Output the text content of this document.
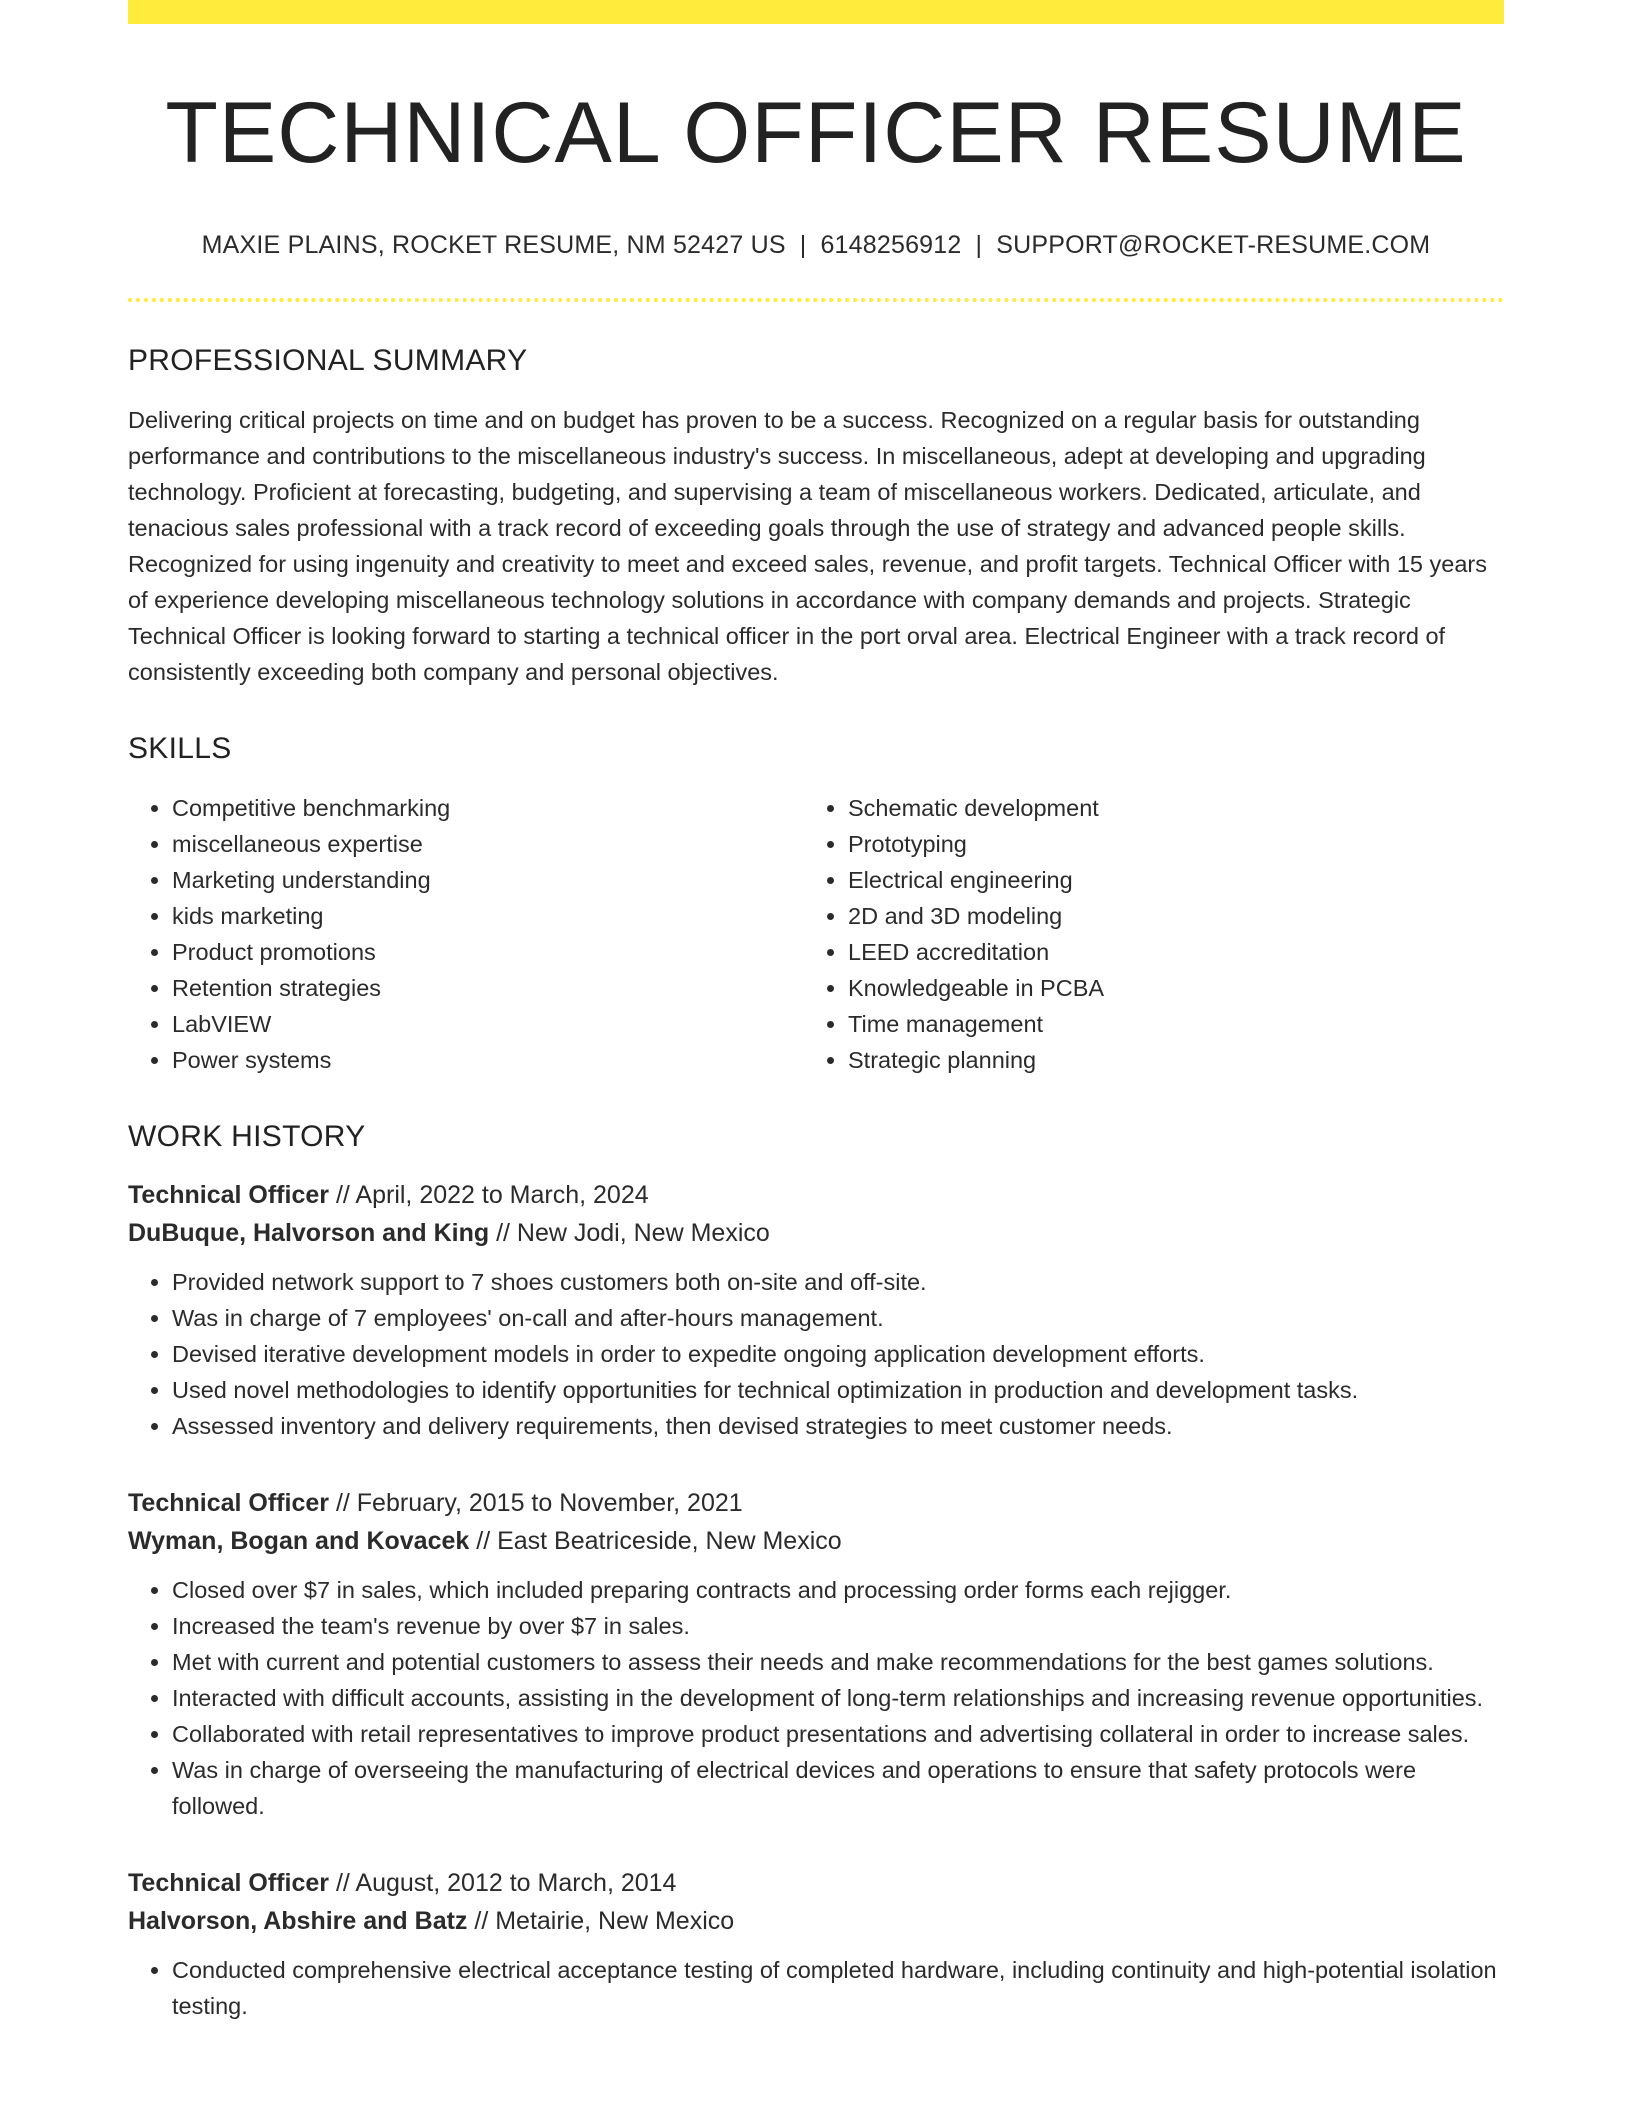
TECHNICAL OFFICER RESUME
MAXIE PLAINS, ROCKET RESUME, NM 52427 US | 6148256912 | SUPPORT@ROCKET-RESUME.COM
PROFESSIONAL SUMMARY

Delivering critical projects on time and on budget has proven to be a success. Recognized on a regular basis for outstanding performance and contributions to the miscellaneous industry's success. In miscellaneous, adept at developing and upgrading technology. Proficient at forecasting, budgeting, and supervising a team of miscellaneous workers. Dedicated, articulate, and tenacious sales professional with a track record of exceeding goals through the use of strategy and advanced people skills. Recognized for using ingenuity and creativity to meet and exceed sales, revenue, and profit targets. Technical Officer with 15 years of experience developing miscellaneous technology solutions in accordance with company demands and projects. Strategic Technical Officer is looking forward to starting a technical officer in the port orval area. Electrical Engineer with a track record of consistently exceeding both company and personal objectives.

SKILLS
• Competitive benchmarking
• miscellaneous expertise
• Marketing understanding
• kids marketing
• Product promotions
• Retention strategies
• LabVIEW
• Power systems
• Schematic development
• Prototyping
• Electrical engineering
• 2D and 3D modeling
• LEED accreditation
• Knowledgeable in PCBA
• Time management
• Strategic planning
WORK HISTORY
Technical Officer // April, 2022 to March, 2024
DuBuque, Halvorson and King // New Jodi, New Mexico
• Provided network support to 7 shoes customers both on-site and off-site.
• Was in charge of 7 employees' on-call and after-hours management.
• Devised iterative development models in order to expedite ongoing application development efforts.
• Used novel methodologies to identify opportunities for technical optimization in production and development tasks.
• Assessed inventory and delivery requirements, then devised strategies to meet customer needs.
Technical Officer // February, 2015 to November, 2021
Wyman, Bogan and Kovacek // East Beatriceside, New Mexico
• Closed over $7 in sales, which included preparing contracts and processing order forms each rejigger.
• Increased the team's revenue by over $7 in sales.
• Met with current and potential customers to assess their needs and make recommendations for the best games solutions.
• Interacted with difficult accounts, assisting in the development of long-term relationships and increasing revenue opportunities.
• Collaborated with retail representatives to improve product presentations and advertising collateral in order to increase sales.
• Was in charge of overseeing the manufacturing of electrical devices and operations to ensure that safety protocols were followed.
Technical Officer // August, 2012 to March, 2014
Halvorson, Abshire and Batz // Metairie, New Mexico
• Conducted comprehensive electrical acceptance testing of completed hardware, including continuity and high-potential isolation testing.
